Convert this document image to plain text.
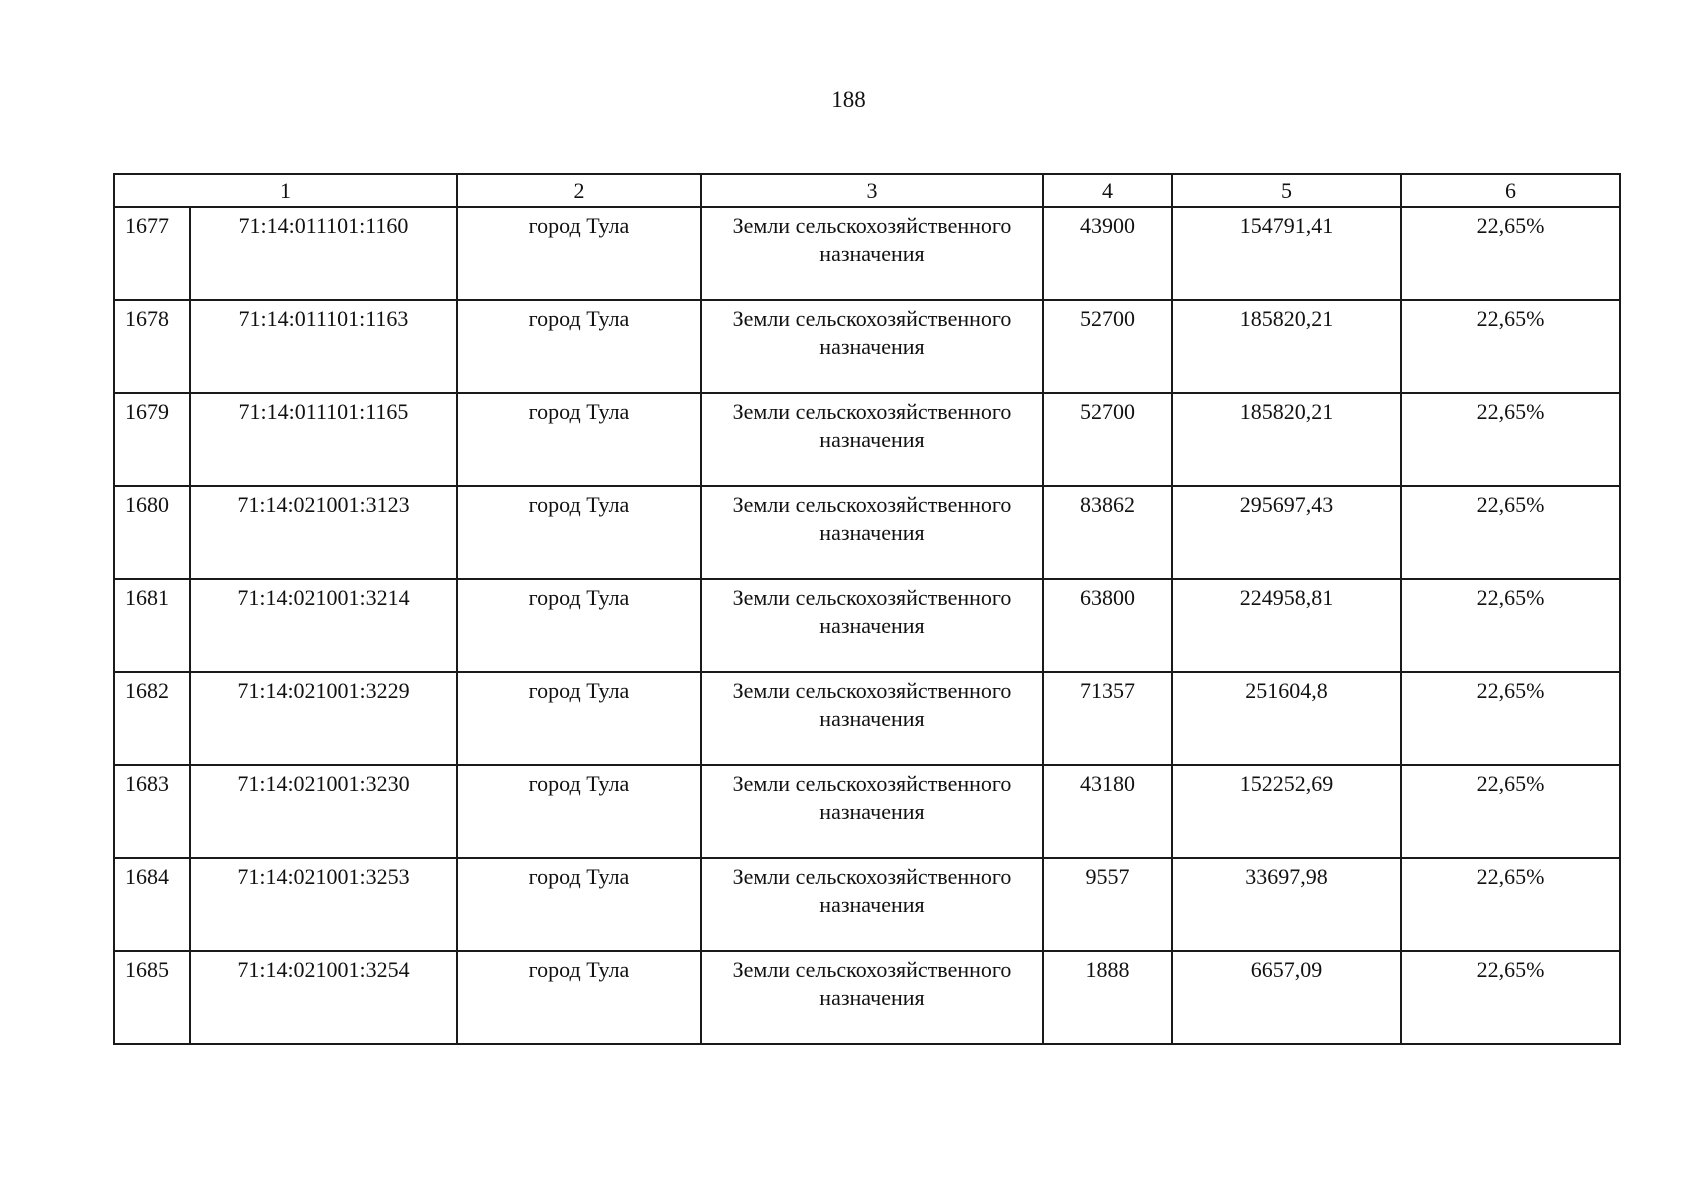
188
1		2	3	4	5	6
1677	71:14:011101:1160	город Тула	Земли сельскохозяйственного назначения	43900	154791,41	22,65%
1678	71:14:011101:1163	город Тула	Земли сельскохозяйственного назначения	52700	185820,21	22,65%
1679	71:14:011101:1165	город Тула	Земли сельскохозяйственного назначения	52700	185820,21	22,65%
1680	71:14:021001:3123	город Тула	Земли сельскохозяйственного назначения	83862	295697,43	22,65%
1681	71:14:021001:3214	город Тула	Земли сельскохозяйственного назначения	63800	224958,81	22,65%
1682	71:14:021001:3229	город Тула	Земли сельскохозяйственного назначения	71357	251604,8	22,65%
1683	71:14:021001:3230	город Тула	Земли сельскохозяйственного назначения	43180	152252,69	22,65%
1684	71:14:021001:3253	город Тула	Земли сельскохозяйственного назначения	9557	33697,98	22,65%
1685	71:14:021001:3254	город Тула	Земли сельскохозяйственного назначения	1888	6657,09	22,65%
